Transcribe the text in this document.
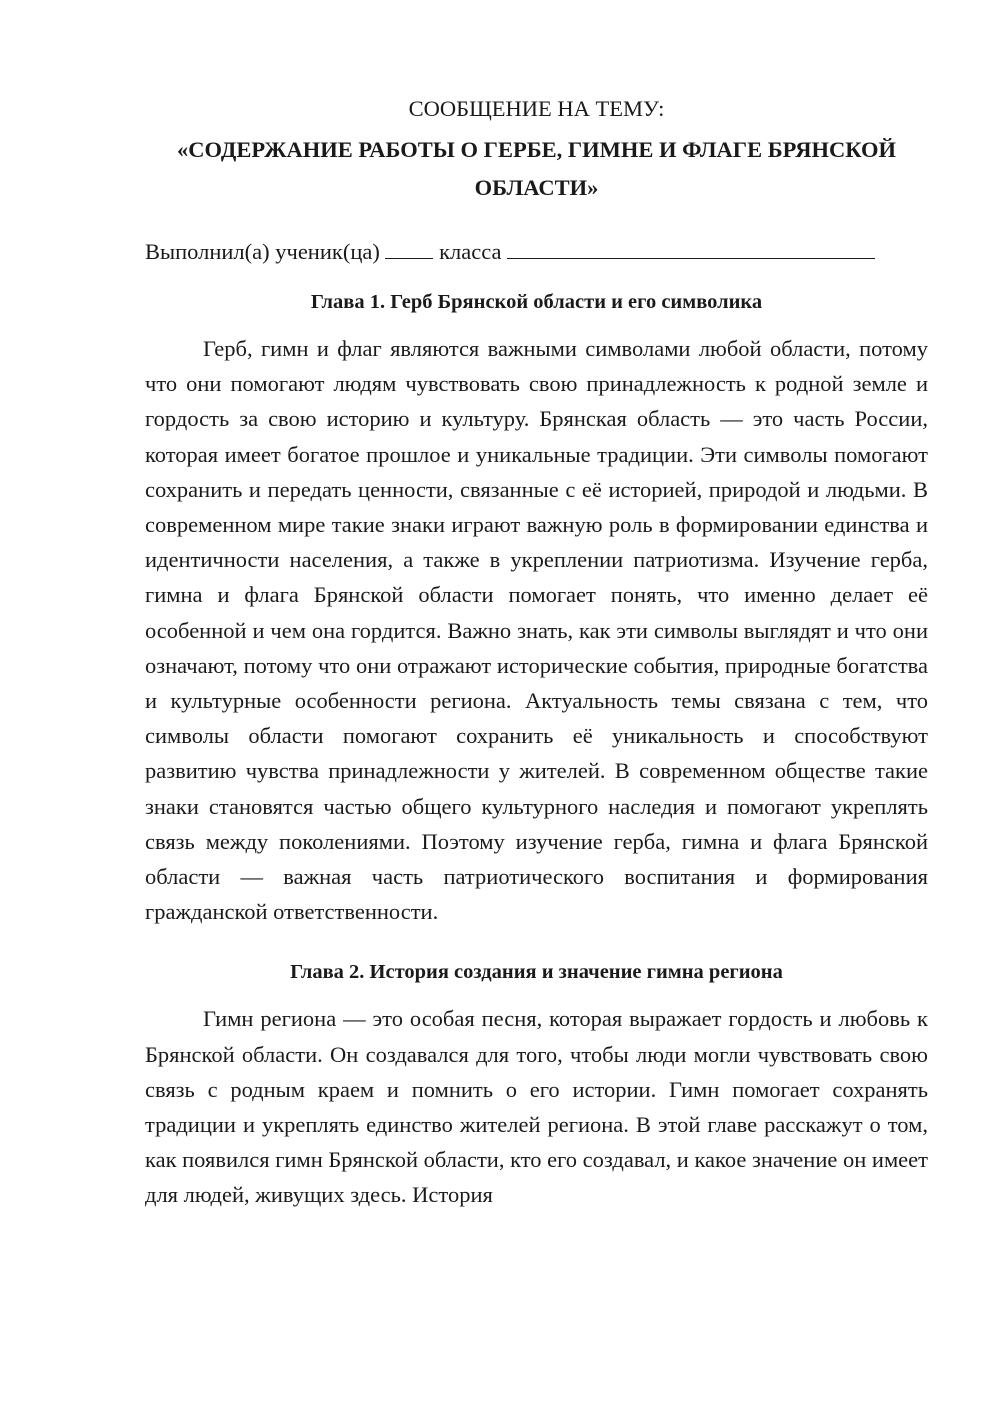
СООБЩЕНИЕ НА ТЕМУ:

«СОДЕРЖАНИЕ РАБОТЫ О ГЕРБЕ, ГИМНЕ И ФЛАГЕ БРЯНСКОЙ ОБЛАСТИ»

Выполнил(а) ученик(ца)	класса
Глава 1. Герб Брянской области и его символика

Герб, гимн и флаг являются важными символами любой области, потому что они помогают людям чувствовать свою принадлежность к родной земле и гордость за свою историю и культуру. Брянская область — это часть России, которая имеет богатое прошлое и уникальные традиции. Эти символы помогают сохранить и передать ценности, связанные с её историей, природой и людьми. В современном мире такие знаки играют важную роль в формировании единства и идентичности населения, а также в укреплении патриотизма. Изучение герба, гимна и флага Брянской области помогает понять, что именно делает её особенной и чем она гордится. Важно знать, как эти символы выглядят и что они означают, потому что они отражают исторические события, природные богатства и культурные особенности региона. Актуальность темы связана с тем, что символы области помогают сохранить её уникальность и способствуют развитию чувства принадлежности у жителей. В современном обществе такие знаки становятся частью общего культурного наследия и помогают укреплять связь между поколениями. Поэтому изучение герба, гимна и флага Брянской области — важная часть патриотического воспитания и формирования гражданской ответственности.

Глава 2. История создания и значение гимна региона

Гимн региона — это особая песня, которая выражает гордость и любовь к Брянской области. Он создавался для того, чтобы люди могли чувствовать свою связь с родным краем и помнить о его истории. Гимн помогает сохранять традиции и укреплять единство жителей региона. В этой главе расскажут о том, как появился гимн Брянской области, кто его создавал, и какое значение он имеет для людей, живущих здесь. История
